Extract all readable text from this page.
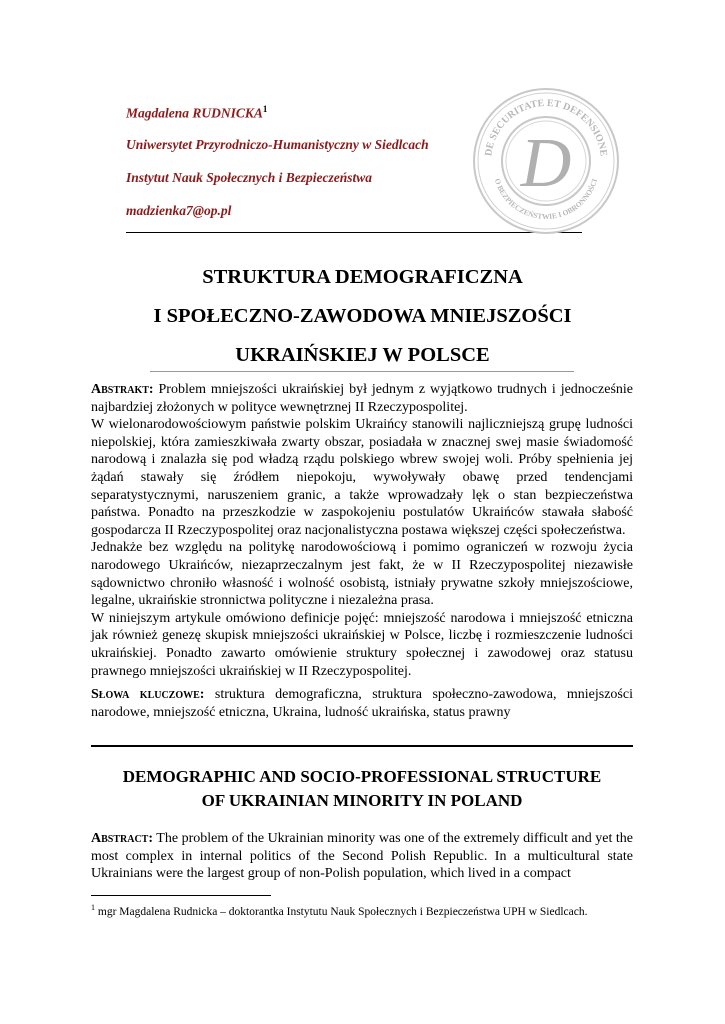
Magdalena RUDNICKA$^1$
Uniwersytet Przyrodniczo-Humanistyczny w Siedlcach
Instytut Nauk Społecznych i Bezpieczeństwa
madzienka7@op.pl
DE SECURITATE ET DEFENSIONE
O BEZPIECZEŃSTWIE I OBRONNOŚCI
D
STRUKTURA DEMOGRAFICZNA
I SPOŁECZNO-ZAWODOWA MNIEJSZOŚCI
UKRAIŃSKIEJ W POLSCE

Abstrakt: Problem mniejszości ukraińskiej był jednym z wyjątkowo trudnych i jednocześnie najbardziej złożonych w polityce wewnętrznej II Rzeczypospolitej.

W wielonarodowościowym państwie polskim Ukraińcy stanowili najliczniejszą grupę ludności niepolskiej, która zamieszkiwała zwarty obszar, posiadała w znacznej swej masie świadomość narodową i znalazła się pod władzą rządu polskiego wbrew swojej woli. Próby spełnienia jej żądań stawały się źródłem niepokoju, wywoływały obawę przed tendencjami separatystycznymi, naruszeniem granic, a także wprowadzały lęk o stan bezpieczeństwa państwa. Ponadto na przeszkodzie w zaspokojeniu postulatów Ukraińców stawała słabość gospodarcza II Rzeczypospolitej oraz nacjonalistyczna postawa większej części społeczeństwa.

Jednakże bez względu na politykę narodowościową i pomimo ograniczeń w rozwoju życia narodowego Ukraińców, niezaprzeczalnym jest fakt, że w II Rzeczypospolitej niezawisłe sądownictwo chroniło własność i wolność osobistą, istniały prywatne szkoły mniejszościowe, legalne, ukraińskie stronnictwa polityczne i niezależna prasa.

W niniejszym artykule omówiono definicje pojęć: mniejszość narodowa i mniejszość etniczna jak również genezę skupisk mniejszości ukraińskiej w Polsce, liczbę i rozmieszczenie ludności ukraińskiej. Ponadto zawarto omówienie struktury społecznej i zawodowej oraz statusu prawnego mniejszości ukraińskiej w II Rzeczypospolitej.

Słowa kluczowe: struktura demograficzna, struktura społeczno-zawodowa, mniejszości narodowe, mniejszość etniczna, Ukraina, ludność ukraińska, status prawny
DEMOGRAPHIC AND SOCIO-PROFESSIONAL STRUCTURE
OF UKRAINIAN MINORITY IN POLAND
Abstract: The problem of the Ukrainian minority was one of the extremely difficult and yet the most complex in internal politics of the Second Polish Republic. In a multicultural state Ukrainians were the largest group of non-Polish population, which lived in a compact
$^1$ mgr Magdalena Rudnicka – doktorantka Instytutu Nauk Społecznych i Bezpieczeństwa UPH w Siedlcach.
